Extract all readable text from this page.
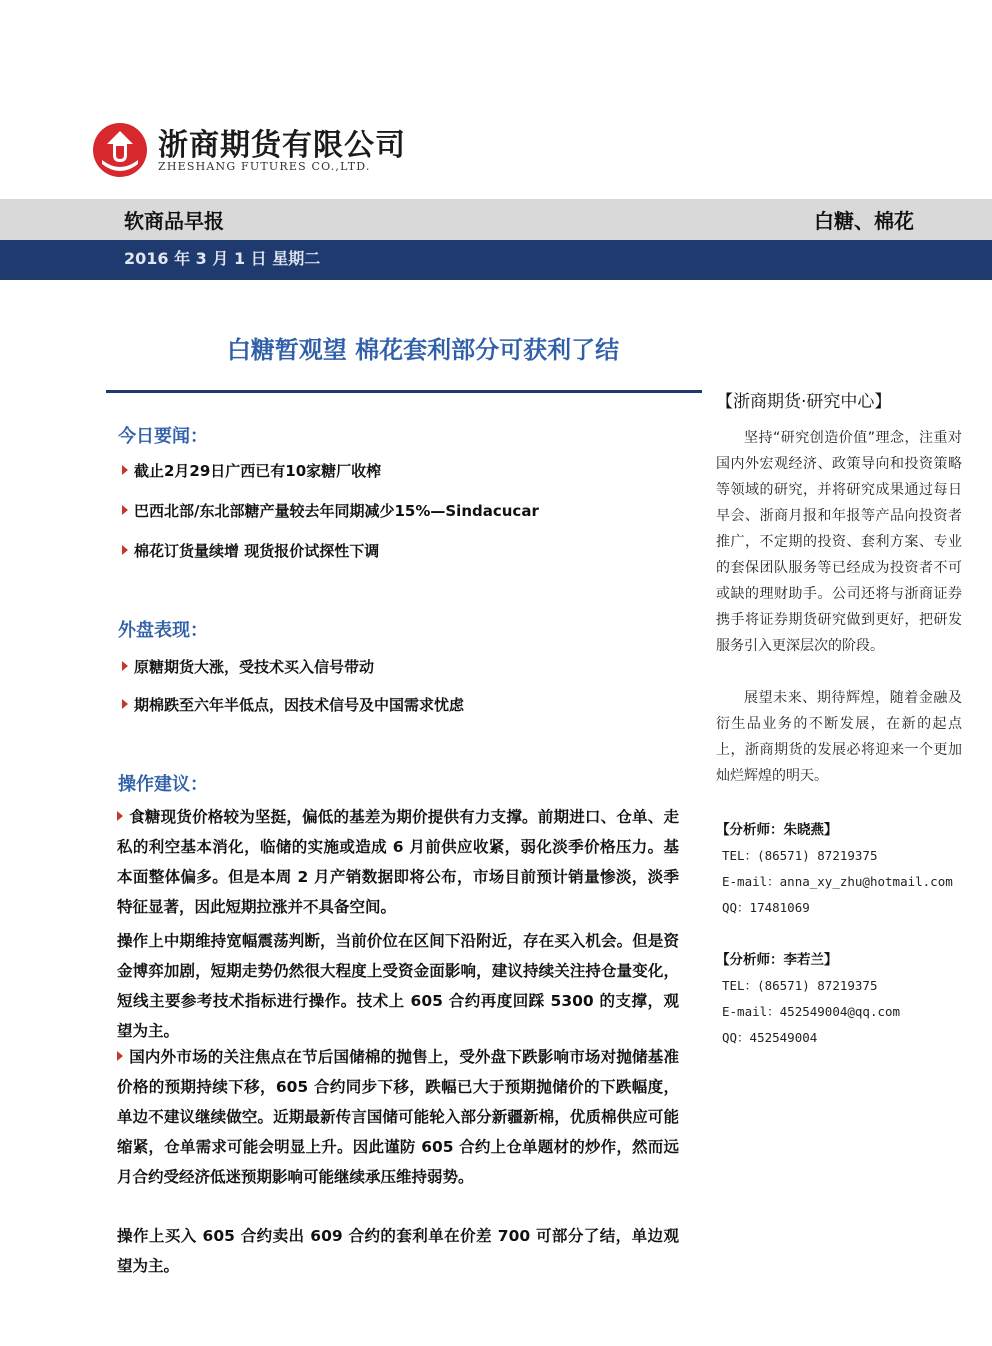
浙商期货有限公司
ZHESHANG FUTURES CO.,LTD.
软商品早报	白糖、棉花
2016 年 3 月 1 日 星期二
白糖暂观望 棉花套利部分可获利了结
今日要闻：
截止2月29日广西已有10家糖厂收榨
巴西北部/东北部糖产量较去年同期减少15%—Sindacucar
棉花订货量续增 现货报价试探性下调
外盘表现：
原糖期货大涨，受技术买入信号带动
期棉跌至六年半低点，因技术信号及中国需求忧虑
操作建议：
食糖现货价格较为坚挺，偏低的基差为期价提供有力支撑。前期进口、仓单、走私的利空基本消化，临储的实施或造成 6 月前供应收紧，弱化淡季价格压力。基本面整体偏多。但是本周 2 月产销数据即将公布，市场目前预计销量惨淡，淡季特征显著，因此短期拉涨并不具备空间。
操作上中期维持宽幅震荡判断，当前价位在区间下沿附近，存在买入机会。但是资金博弈加剧，短期走势仍然很大程度上受资金面影响，建议持续关注持仓量变化，短线主要参考技术指标进行操作。技术上 605 合约再度回踩 5300 的支撑，观望为主。
国内外市场的关注焦点在节后国储棉的抛售上，受外盘下跌影响市场对抛储基准价格的预期持续下移，605 合约同步下移，跌幅已大于预期抛储价的下跌幅度，单边不建议继续做空。近期最新传言国储可能轮入部分新疆新棉，优质棉供应可能缩紧，仓单需求可能会明显上升。因此谨防 605 合约上仓单题材的炒作，然而远月合约受经济低迷预期影响可能继续承压维持弱势。
操作上买入 605 合约卖出 609 合约的套利单在价差 700 可部分了结，单边观望为主。
【浙商期货·研究中心】
坚持“研究创造价值”理念，注重对国内外宏观经济、政策导向和投资策略等领域的研究，并将研究成果通过每日早会、浙商月报和年报等产品向投资者推广，不定期的投资、套利方案、专业的套保团队服务等已经成为投资者不可或缺的理财助手。公司还将与浙商证券携手将证券期货研究做到更好，把研发服务引入更深层次的阶段。
展望未来、期待辉煌，随着金融及衍生品业务的不断发展，在新的起点上，浙商期货的发展必将迎来一个更加灿烂辉煌的明天。
【分析师：朱晓燕】
TEL：(86571) 87219375
E-mail：anna_xy_zhu@hotmail.com
QQ：17481069
【分析师：李若兰】
TEL：(86571) 87219375
E-mail：452549004@qq.com
QQ：452549004
